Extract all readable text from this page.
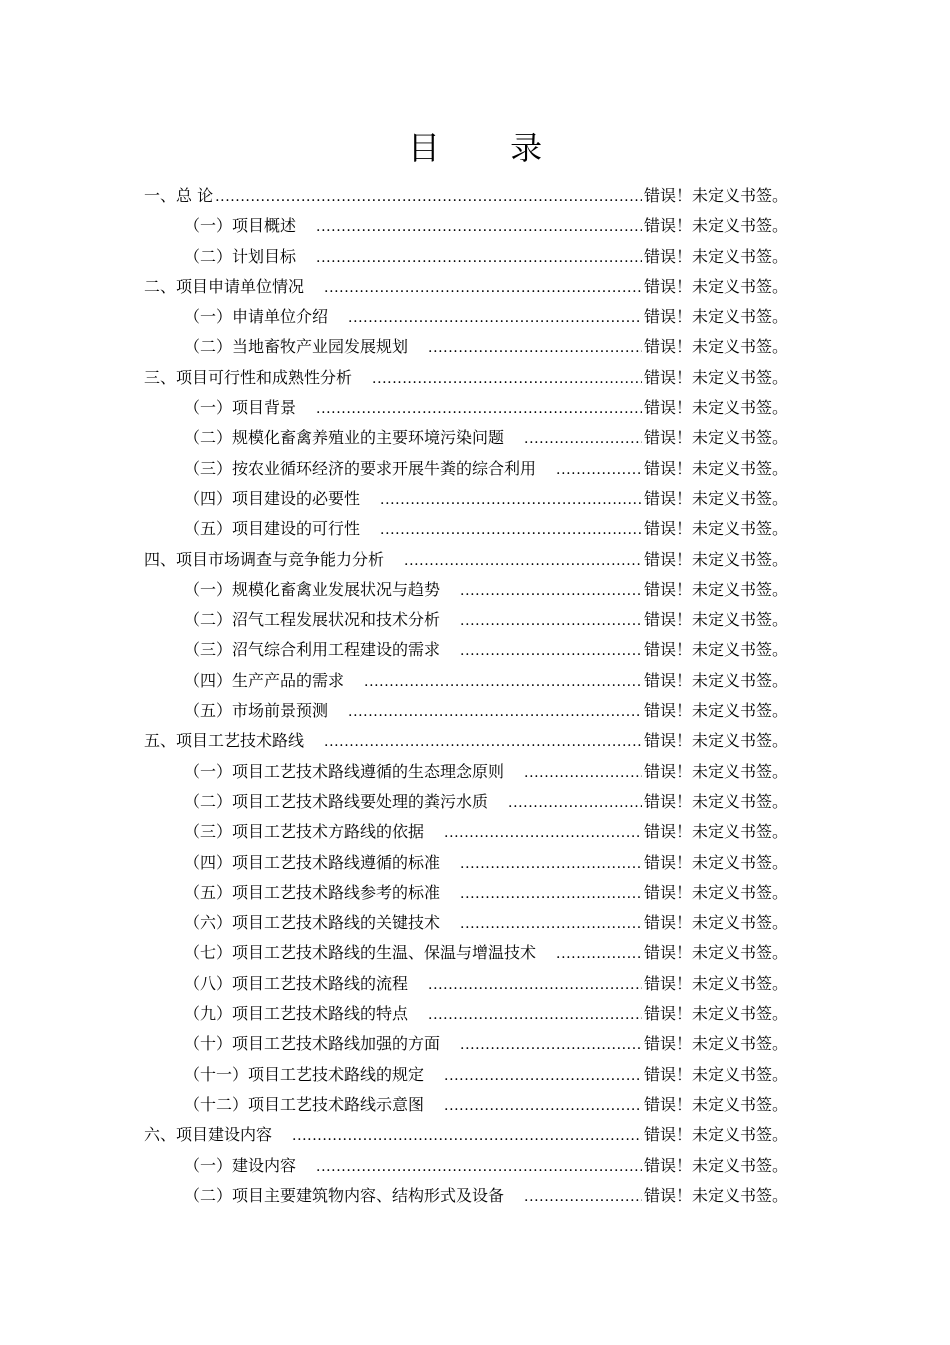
目 录
一、总 论 .....	错误！未定义书签。
（一）项目概述 .....	错误！未定义书签。
（二）计划目标 .....	错误！未定义书签。
二、项目申请单位情况 .....	错误！未定义书签。
（一）申请单位介绍 .....	错误！未定义书签。
（二）当地畜牧产业园发展规划 .....	错误！未定义书签。
三、项目可行性和成熟性分析 .....	错误！未定义书签。
（一）项目背景 .....	错误！未定义书签。
（二）规模化畜禽养殖业的主要环境污染问题 .....	错误！未定义书签。
（三）按农业循环经济的要求开展牛粪的综合利用 .....	错误！未定义书签。
（四）项目建设的必要性 .....	错误！未定义书签。
（五）项目建设的可行性 .....	错误！未定义书签。
四、项目市场调查与竞争能力分析 .....	错误！未定义书签。
（一）规模化畜禽业发展状况与趋势 .....	错误！未定义书签。
（二）沼气工程发展状况和技术分析 .....	错误！未定义书签。
（三）沼气综合利用工程建设的需求 .....	错误！未定义书签。
（四）生产产品的需求 .....	错误！未定义书签。
（五）市场前景预测 .....	错误！未定义书签。
五、项目工艺技术路线 .....	错误！未定义书签。
（一）项目工艺技术路线遵循的生态理念原则 .....	错误！未定义书签。
（二）项目工艺技术路线要处理的粪污水质 .....	错误！未定义书签。
（三）项目工艺技术方路线的依据 .....	错误！未定义书签。
（四）项目工艺技术路线遵循的标准 .....	错误！未定义书签。
（五）项目工艺技术路线参考的标准 .....	错误！未定义书签。
（六）项目工艺技术路线的关键技术 .....	错误！未定义书签。
（七）项目工艺技术路线的生温、保温与增温技术 .....	错误！未定义书签。
（八）项目工艺技术路线的流程 .....	错误！未定义书签。
（九）项目工艺技术路线的特点 .....	错误！未定义书签。
（十）项目工艺技术路线加强的方面 .....	错误！未定义书签。
（十一）项目工艺技术路线的规定 .....	错误！未定义书签。
（十二）项目工艺技术路线示意图 .....	错误！未定义书签。
六、项目建设内容 .....	错误！未定义书签。
（一）建设内容 .....	错误！未定义书签。
（二）项目主要建筑物内容、结构形式及设备 .....	错误！未定义书签。
